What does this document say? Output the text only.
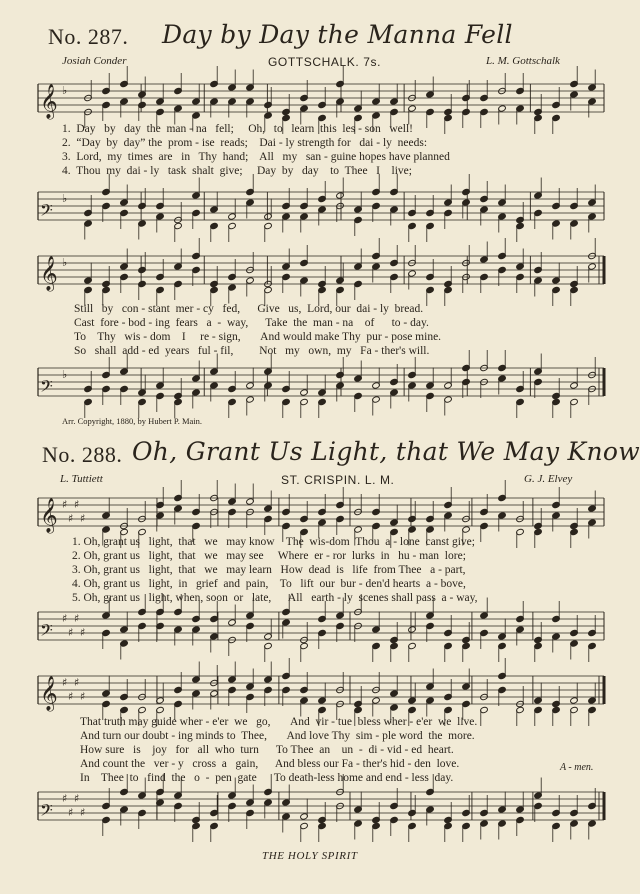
No. 287. Day by Day the Manna Fell
Josiah Conder	GOTTSCHALK. 7s.	L. M. Gottschalk
𝄞 ♭
1.  Day   by   day  the  man - na   fell;     Oh,   to   learn  this  les - son   well!
2.  “Day  by  day” the  prom - ise  reads;    Dai - ly strength for   dai - ly  needs:
3.  Lord,  my  times  are   in   Thy  hand;    All   my   san - guine hopes have planned
4.  Thou  my  dai - ly   task  shalt  give;     Day  by   day    to  Thee   I    live;
𝄢
♭
𝄞 ♭
Still   by   con - stant  mer - cy   fed,      Give   us,  Lord, our  dai - ly  bread.
Cast  fore - bod - ing  fears   a  -  way,      Take  the  man - na    of      to - day.
To    Thy   wis - dom    I     re - sign,       And would make Thy  pur - pose mine.
So   shall  add - ed  years   ful - fil,         Not   my   own,  my   Fa - ther's will.
𝄢
♭
Arr. Copyright, 1880, by Hubert P. Main.
No. 288. Oh, Grant Us Light, that We May Know
L. Tuttiett	ST. CRISPIN. L. M.	G. J. Elvey
𝄞 ♯
♯
♯
♯
1. Oh, grant us   light,  that   we   may know    The  wis-dom  Thou  a - lone  canst give;
2. Oh, grant us   light,  that   we   may see     Where  er - ror  lurks  in   hu - man  lore;
3. Oh, grant us   light,  that   we   may learn   How  dead  is   life  from Thee   a - part,
4. Oh, grant us   light,  in   grief  and  pain,    To   lift  our  bur - den'd hearts  a - bove,
5. Oh, grant us   light, when, soon  or   late,      All   earth - ly  scenes shall pass  a - way,
𝄢
♯
♯
♯
♯
𝄞 ♯
♯
♯
♯
That truth may guide wher - e'er  we   go,       And  vir - tue  bless wher - e'er  we  live.
And turn our doubt - ing minds to  Thee,       And love Thy  sim - ple word  the  more.
How sure   is    joy   for   all  who  turn      To Thee  an    un  -  di - vid - ed  heart.
And count the   ver - y   cross  a   gain,      And bless our Fa - ther's hid - den  love.
In    Thee  to   find  the   o  -  pen  gate      To death-less home and end - less  day.
A - men.
𝄢
♯
♯
♯
♯
THE HOLY SPIRIT
